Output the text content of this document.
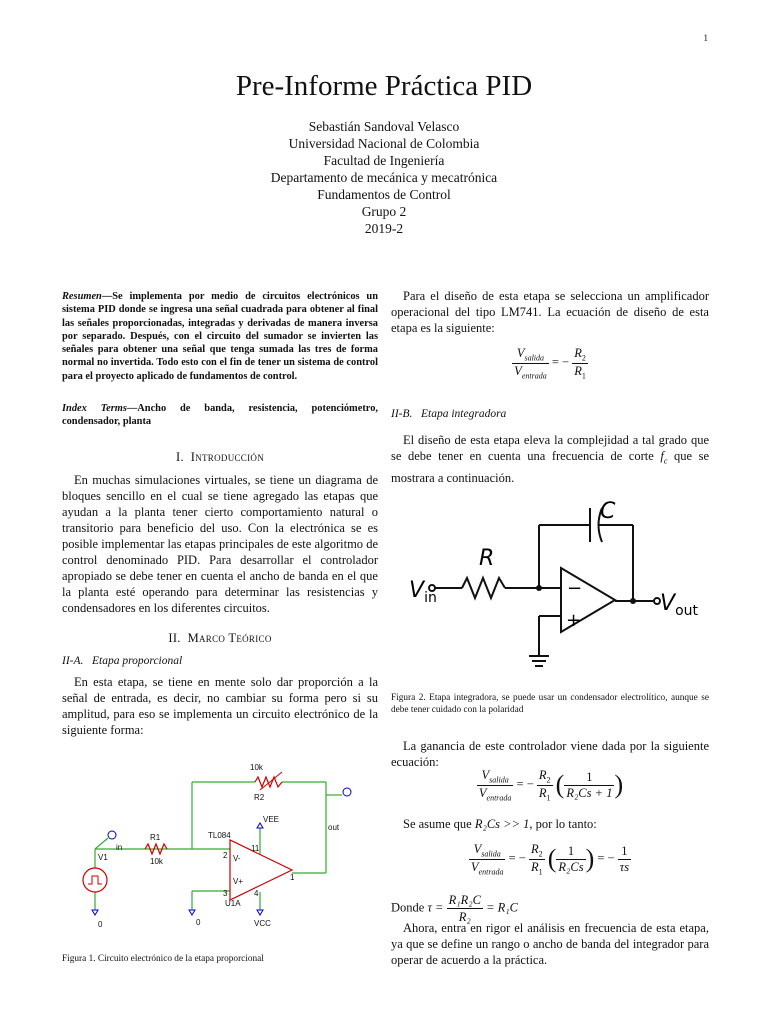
1
Pre-Informe Práctica PID
Sebastián Sandoval Velasco
Universidad Nacional de Colombia
Facultad de Ingeniería
Departamento de mecánica y mecatrónica
Fundamentos de Control
Grupo 2
2019-2
Resumen—Se implementa por medio de circuitos electrónicos un sistema PID donde se ingresa una señal cuadrada para obtener al final las señales proporcionadas, integradas y derivadas de manera inversa por separado. Después, con el circuito del sumador se invierten las señales para obtener una señal que tenga sumada las tres de forma normal no invertida. Todo esto con el fin de tener un sistema de control para el proyecto aplicado de fundamentos de control.
Index Terms—Ancho de banda, resistencia, potenciómetro, condensador, planta
I. Introducción

En muchas simulaciones virtuales, se tiene un diagrama de bloques sencillo en el cual se tiene agregado las etapas que ayudan a la planta tener cierto comportamiento natural o transitorio para beneficio del uso. Con la electrónica se es posible implementar las etapas principales de este algoritmo de control denominado PID. Para desarrollar el controlador apropiado se debe tener en cuenta el ancho de banda en el que la planta esté operando para determinar las resistencias y condensadores en los diferentes circuitos.

II. Marco Teórico
II-A. Etapa proporcional

En esta etapa, se tiene en mente solo dar proporción a la señal de entrada, es decir, no cambiar su forma pero si su amplitud, para eso se implementa un circuito electrónico de la siguiente forma:

10k
R2
VEE
out
R1
10k
in
TL084
11
2 V-
V+	1
3	4
U1A
VCC
V1
0	0
Figura 1. Circuito electrónico de la etapa proporcional

Para el diseño de esta etapa se selecciona un amplificador operacional del tipo LM741. La ecuación de diseño de esta etapa es la siguiente:

$\frac{V_{salida}}{V_{entrada}}$ = − $\frac{R_2}{R_1}$
II-B. Etapa integradora

El diseño de esta etapa eleva la complejidad a tal grado que se debe tener en cuenta una frecuencia de corte $f_c$ que se mostrara a continuación.

−
+
C
R
$V_{in}$	$V_{out}$
Figura 2. Etapa integradora, se puede usar un condensador electrolítico, aunque se debe tener cuidado con la polaridad

La ganancia de este controlador viene dada por la siguiente ecuación:

$\frac{V_{salida}}{V_{entrada}}$ = − $\frac{R_2}{R_1}$ ( $\frac{1}{\text{R₂Cs + 1}}$ )

Se asume que R₂Cs >> 1, por lo tanto:

$\frac{V_{salida}}{V_{entrada}}$ = − $\frac{R_2}{R_1}$ ( $\frac{1}{\text{R₂Cs}}$ ) = − $\frac{1}{\tau s}$
Donde $\tau = \frac{\text{R₁R₂C}}{\text{R₂}} = R_1C$

Ahora, entra en rigor el análisis en frecuencia de esta etapa, ya que se define un rango o ancho de banda del integrador para operar de acuerdo a la práctica.
